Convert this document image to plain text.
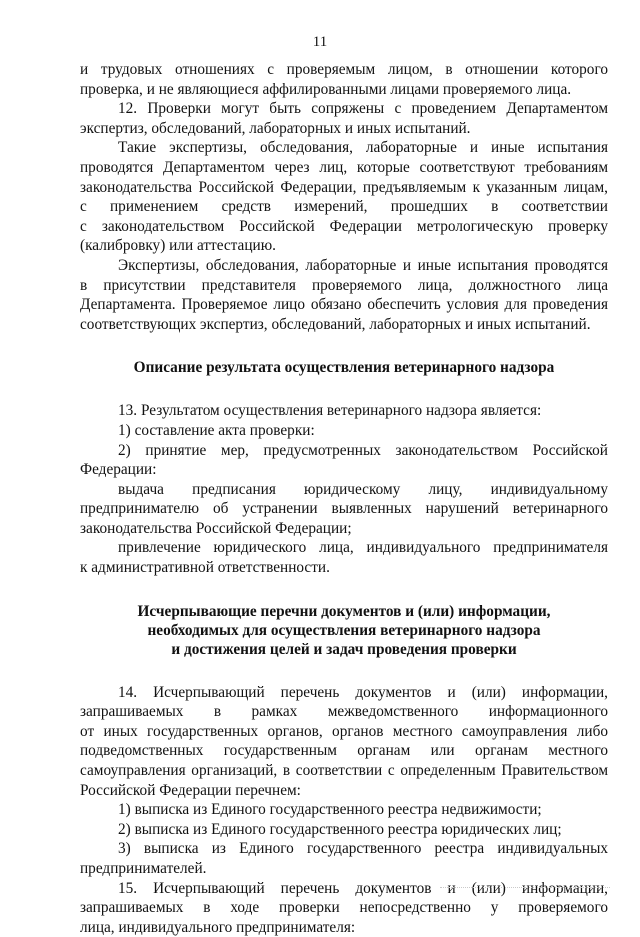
11
и трудовых отношениях с проверяемым лицом, в отношении которого
проверка, и не являющиеся аффилированными лицами проверяемого лица.
12. Проверки могут быть сопряжены с проведением Департаментом
экспертиз, обследований, лабораторных и иных испытаний.
Такие экспертизы, обследования, лабораторные и иные испытания
проводятся Департаментом через лиц, которые соответствуют требованиям
законодательства Российской Федерации, предъявляемым к указанным лицам,
с применением средств измерений, прошедших в соответствии
с законодательством Российской Федерации метрологическую проверку
(калибровку) или аттестацию.
Экспертизы, обследования, лабораторные и иные испытания проводятся
в присутствии представителя проверяемого лица, должностного лица
Департамента. Проверяемое лицо обязано обеспечить условия для проведения
соответствующих экспертиз, обследований, лабораторных и иных испытаний.
Описание результата осуществления ветеринарного надзора
13. Результатом осуществления ветеринарного надзора является:
1) составление акта проверки:
2) принятие мер, предусмотренных законодательством Российской
Федерации:
выдача предписания юридическому лицу, индивидуальному
предпринимателю об устранении выявленных нарушений ветеринарного
законодательства Российской Федерации;
привлечение юридического лица, индивидуального предпринимателя
к административной ответственности.
Исчерпывающие перечни документов и (или) информации,
необходимых для осуществления ветеринарного надзора
и достижения целей и задач проведения проверки
14. Исчерпывающий перечень документов и (или) информации,
запрашиваемых в рамках межведомственного информационного
от иных государственных органов, органов местного самоуправления либо
подведомственных государственным органам или органам местного
самоуправления организаций, в соответствии с определенным Правительством
Российской Федерации перечнем:
1) выписка из Единого государственного реестра недвижимости;
2) выписка из Единого государственного реестра юридических лиц;
3) выписка из Единого государственного реестра индивидуальных
предпринимателей.
15. Исчерпывающий перечень документов и (или) информации,
запрашиваемых в ходе проверки непосредственно у проверяемого
лица, индивидуального предпринимателя:
